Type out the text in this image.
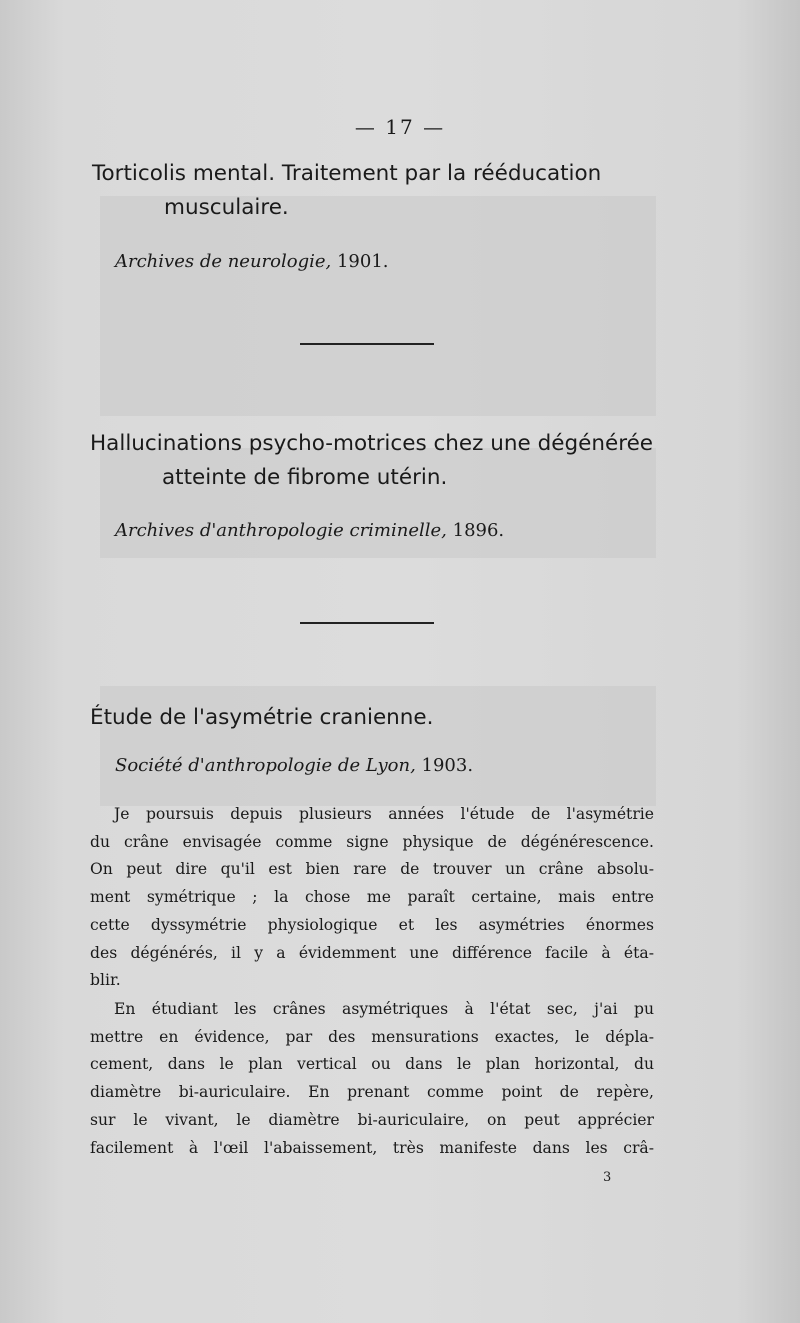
— 17 —
Torticolis mental. Traitement par la rééducation
musculaire.
Archives de neurologie, 1901.
Hallucinations psycho-motrices chez une dégénérée
atteinte de fibrome utérin.
Archives d'anthropologie criminelle, 1896.
Étude de l'asymétrie cranienne.
Société d'anthropologie de Lyon, 1903.
Je poursuis depuis plusieurs années l'étude de l'asymétrie
du crâne envisagée comme signe physique de dégénérescence.
On peut dire qu'il est bien rare de trouver un crâne absolu-
ment symétrique ; la chose me paraît certaine, mais entre
cette dyssymétrie physiologique et les asymétries énormes
des dégénérés, il y a évidemment une différence facile à éta-
blir.
En étudiant les crânes asymétriques à l'état sec, j'ai pu
mettre en évidence, par des mensurations exactes, le dépla-
cement, dans le plan vertical ou dans le plan horizontal, du
diamètre bi-auriculaire. En prenant comme point de repère,
sur le vivant, le diamètre bi-auriculaire, on peut apprécier
facilement à l'œil l'abaissement, très manifeste dans les crâ-
3
